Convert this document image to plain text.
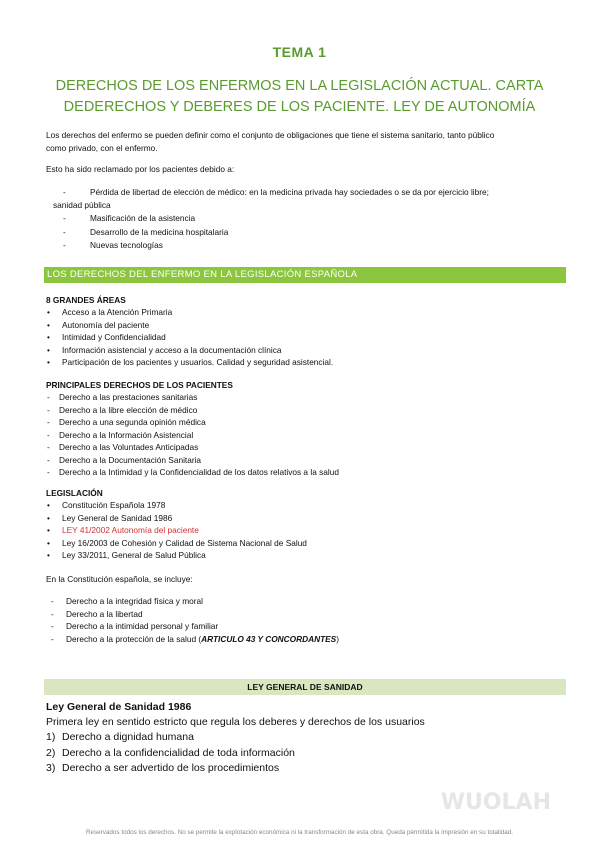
TEMA 1
DERECHOS DE LOS ENFERMOS EN LA LEGISLACIÓN ACTUAL. CARTA
DEDERECHOS Y DEBERES DE LOS PACIENTE. LEY DE AUTONOMÍA
Los derechos del enfermo se pueden definir como el conjunto de obligaciones que tiene el sistema sanitario, tanto público
como privado, con el enfermo.
Esto ha sido reclamado por los pacientes debido a:
-	Pérdida de libertad de elección de médico: en la medicina privada hay sociedades o se da por ejercicio libre;
sanidad pública
-	Masificación de la asistencia
-	Desarrollo de la medicina hospitalaria
-	Nuevas tecnologías
LOS DERECHOS DEL ENFERMO EN LA LEGISLACIÓN ESPAÑOLA
8 GRANDES ÁREAS
• Acceso a la Atención Primaria
• Autonomía del paciente
• Intimidad y Confidencialidad
• Información asistencial y acceso a la documentación clínica
• Participación de los pacientes y usuarios. Calidad y seguridad asistencial.
PRINCIPALES DERECHOS DE LOS PACIENTES
- Derecho a las prestaciones sanitarias
- Derecho a la libre elección de médico
- Derecho a una segunda opinión médica
- Derecho a la Información Asistencial
- Derecho a las Voluntades Anticipadas
- Derecho a la Documentación Sanitaria
- Derecho a la Intimidad y la Confidencialidad de los datos relativos a la salud
LEGISLACIÓN
• Constitución Española 1978
• Ley General de Sanidad 1986
• LEY 41/2002 Autonomía del paciente
• Ley 16/2003 de Cohesión y Calidad de Sistema Nacional de Salud
• Ley 33/2011, General de Salud Pública
En la Constitución española, se incluye:
- Derecho a la integridad física y moral
- Derecho a la libertad
- Derecho a la intimidad personal y familiar
- Derecho a la protección de la salud (ARTICULO 43 Y CONCORDANTES)
LEY GENERAL DE SANIDAD
Ley General de Sanidad 1986
Primera ley en sentido estricto que regula los deberes y derechos de los usuarios
1) Derecho a dignidad humana
2) Derecho a la confidencialidad de toda información
3) Derecho a ser advertido de los procedimientos
WUOLAH
Reservados todos los derechos. No se permite la explotación económica ni la transformación de esta obra. Queda permitida la impresión en su totalidad.
